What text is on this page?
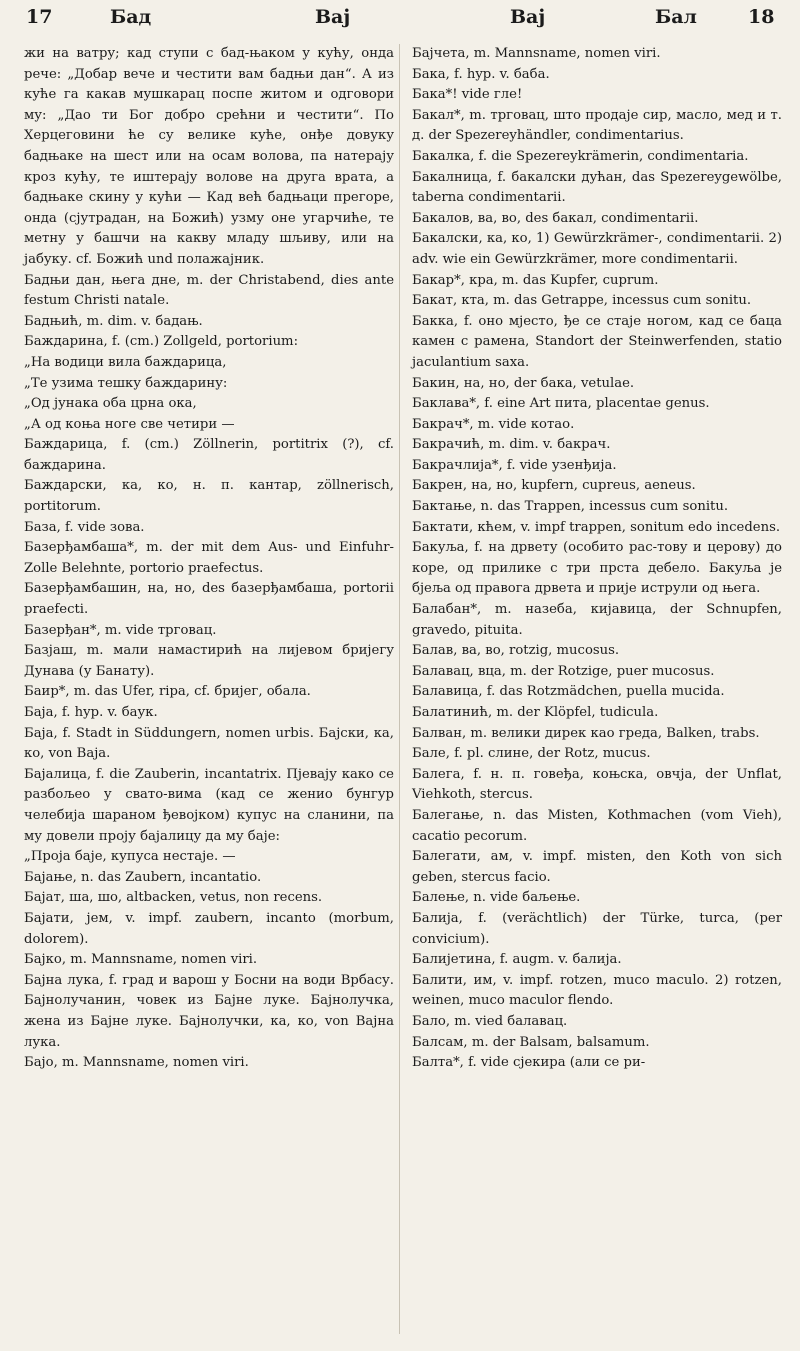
17	Бад	Baj	Baj	Бал	18

жи на ватру; кад ступи с бад-њаком у кућу, онда рече: „Добар вече и честити вам бадњи дан“. А из куће га какав мушкарац поспе житом и одговори му: „Дао ти Бог добро срећни и честити“. По Херцеговини ће су велике куће, онђе довуку бадњаке на шест или на осам волова, па натерају кроз кућу, те иштерају волове на друга врата, а бадњаке скину у кући — Кад већ бадњаци прегоре, онда (сјутрадан, на Божић) узму оне угарчиће, те метну у башчи на какву младу шљиву, или на јабуку. cf. Божић und полажајник.

Бадњи дан, њега дне, m. der Christabend, dies ante festum Christi natale.

Бадњић, m. dim. v. бадањ.

Баждарина, f. (cm.) Zollgeld, portorium:

„На водици вила баждарица,

„Те узима тешку баждарину:

„Од јунака оба црна ока,

„А од коња ноге све четири —

Баждарица, f. (cm.) Zöllnerin, portitrix (?), cf. баждарина.

Баждарски, ка, ко, н. п. кантар, zöllnerisch, portitorum.

База, f. vide зова.

Базерђамбаша*, m. der mit dem Aus- und Einfuhr-Zolle Belehnte, portorio praefectus.

Базерђамбашин, на, но, des базерђамбаша, portorii praefecti.

Базерђан*, m. vide трговац.

Базјаш, m. мали намастирић на лијевом бријегу Дунава (у Банату).

Баир*, m. das Ufer, ripa, cf. бријег, обала.

Баја, f. hyp. v. баук.

Баја, f. Stadt in Süddungern, nomen urbis. Бајски, ка, ко, von Baja.

Бајалица, f. die Zauberin, incantatrix. Пјевају како се разбољео у свато-вима (кад се женио бунгур челебија шараном ђевојком) купус на сланини, па му довели проју бајалицу да му баје:

„Проја баје, купуса нестаје. —

Бајање, n. das Zaubern, incantatio.

Бајат, ша, шо, altbacken, vetus, non recens.

Бајати, јем, v. impf. zaubern, incanto (morbum, dolorem).

Бајко, m. Mannsname, nomen viri.

Бајна лука, f. град и варош у Босни на води Врбасу. Бајнолучанин, човек из Бајне луке. Бајнолучка, жена из Бајне луке. Бајнолучки, ка, ко, von Bajна лука.

Бајо, m. Mannsname, nomen viri.

Бајчета, m. Mannsname, nomen viri.

Бака, f. hyp. v. баба.

Бака*! vide гле!

Бакал*, m. трговац, што продаје сир, масло, мед и т. д. der Spezereyhändler, condimentarius.

Бакалка, f. die Spezereykrämerin, condimentaria.

Бакалница, f. бакалски дућан, das Spezereygewölbe, taberna condimentarii.

Бакалов, ва, во, des бакал, condimentarii.

Бакалски, ка, ко, 1) Gewürzkrämer-, condimentarii. 2) adv. wie ein Gewürzkrämer, more condimentarii.

Бакар*, кра, m. das Kupfer, cuprum.

Бакат, кта, m. das Getrappe, incessus cum sonitu.

Бакка, f. оно мјесто, ђе се стаје ногом, кад се баца камен с рамена, Standort der Steinwerfenden, statio jaculantium saxa.

Бакин, на, но, der бака, vetulae.

Баклава*, f. eine Art пита, placentae genus.

Бакрач*, m. vide котао.

Бакрачић, m. dim. v. бакрач.

Бакрачлија*, f. vide узенђија.

Бакрен, на, но, kupfern, cupreus, aeneus.

Бактање, n. das Trappen, incessus cum sonitu.

Бактати, кћем, v. impf trappen, sonitum edo incedens.

Бакуља, f. на дрвету (особито рас-тову и церову) до коре, од прилике с три прста дебело. Бакуља је бјеља од правога дрвета и прије иструли од њега.

Балабан*, m. назеба, кијавица, der Schnupfen, gravedo, pituita.

Балав, ва, во, rotzig, mucosus.

Балавац, вца, m. der Rotzige, puer mucosus.

Балавица, f. das Rotzmädchen, puella mucida.

Балатинић, m. der Klöpfel, tudicula.

Балван, m. велики дирек као греда, Balken, trabs.

Бале, f. pl. слине, der Rotz, mucus.

Балега, f. н. п. говеђа, коњска, овчја, der Unflat, Viehkoth, stercus.

Балегање, n. das Misten, Kothmachen (vom Vieh), cacatio pecorum.

Балегати, ам, v. impf. misten, den Koth von sich geben, stercus facio.

Балење, n. vide баљење.

Балија, f. (verächtlich) der Türke, turca, (per convicium).

Балијетина, f. augm. v. балија.

Балити, им, v. impf. rotzen, muco maculo. 2) rotzen, weinen, muco maculor flendo.

Бало, m. vied балавац.

Балсам, m. der Balsam, balsamum.

Балта*, f. vide сјекира (али се ри-
